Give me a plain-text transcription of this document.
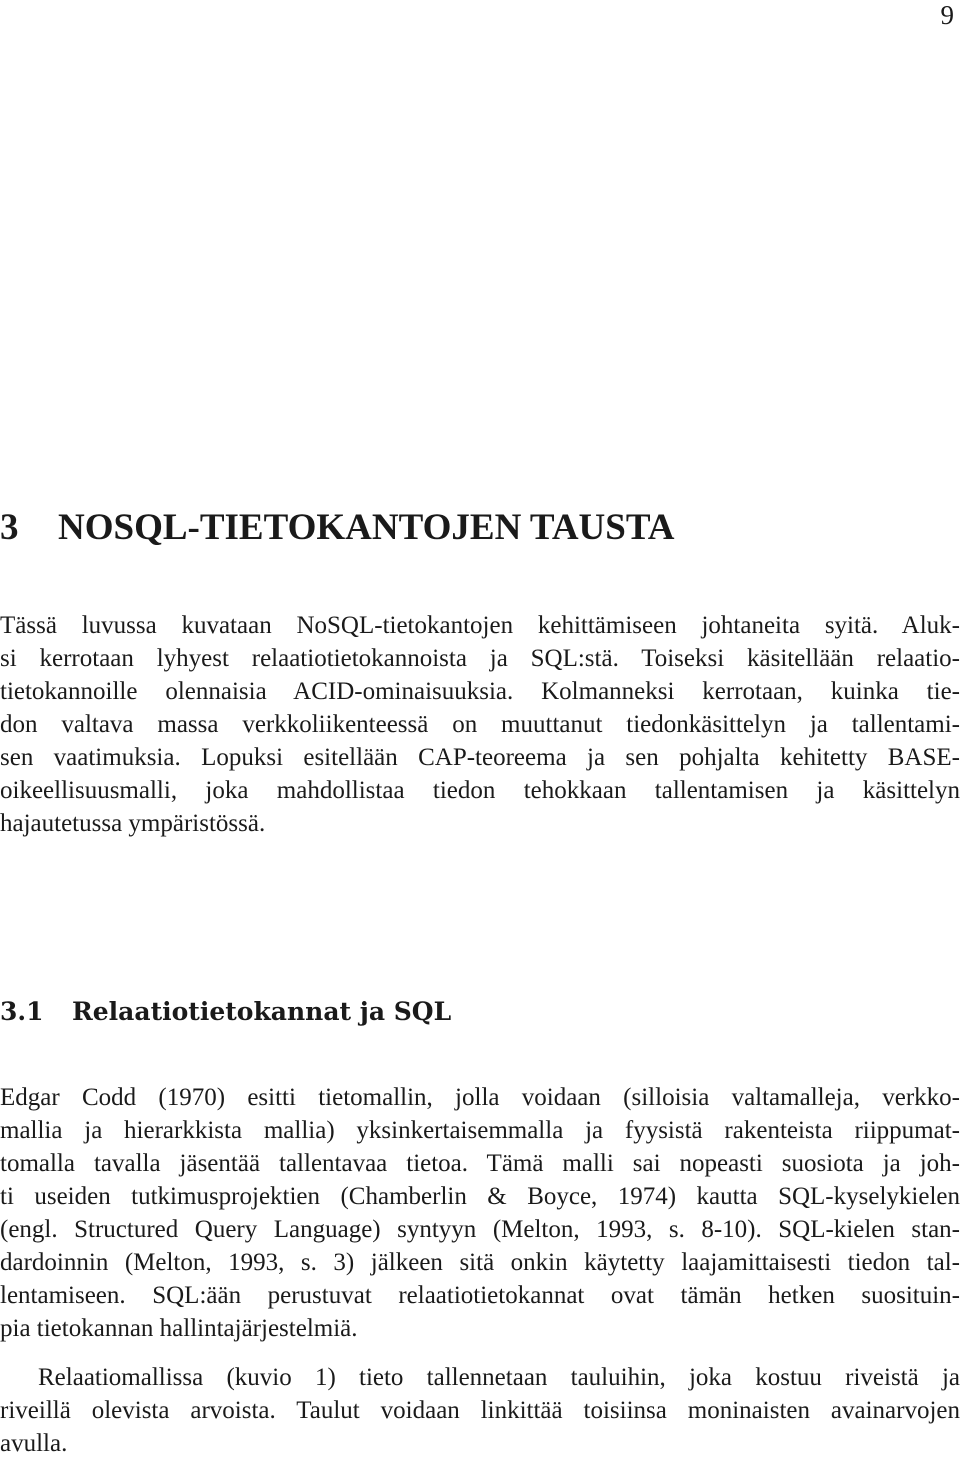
9
3 NOSQL-TIETOKANTOJEN TAUSTA
Tässä luvussa kuvataan NoSQL-tietokantojen kehittämiseen johtaneita syitä. Aluk-
si kerrotaan lyhyest relaatiotietokannoista ja SQL:stä. Toiseksi käsitellään relaatio-
tietokannoille olennaisia ACID-ominaisuuksia. Kolmanneksi kerrotaan, kuinka tie-
don valtava massa verkkoliikenteessä on muuttanut tiedonkäsittelyn ja tallentami-
sen vaatimuksia. Lopuksi esitellään CAP-teoreema ja sen pohjalta kehitetty BASE-
oikeellisuusmalli, joka mahdollistaa tiedon tehokkaan tallentamisen ja käsittelyn
hajautetussa ympäristössä.
3.1 Relaatiotietokannat ja SQL
Edgar Codd (1970) esitti tietomallin, jolla voidaan (silloisia valtamalleja, verkko-
mallia ja hierarkkista mallia) yksinkertaisemmalla ja fyysistä rakenteista riippumat-
tomalla tavalla jäsentää tallentavaa tietoa. Tämä malli sai nopeasti suosiota ja joh-
ti useiden tutkimusprojektien (Chamberlin & Boyce, 1974) kautta SQL-kyselykielen
(engl. Structured Query Language) syntyyn (Melton, 1993, s. 8-10). SQL-kielen stan-
dardoinnin (Melton, 1993, s. 3) jälkeen sitä onkin käytetty laajamittaisesti tiedon tal-
lentamiseen. SQL:ään perustuvat relaatiotietokannat ovat tämän hetken suosituin-
pia tietokannan hallintajärjestelmiä.
Relaatiomallissa (kuvio 1) tieto tallennetaan tauluihin, joka kostuu riveistä ja
riveillä olevista arvoista. Taulut voidaan linkittää toisiinsa moninaisten avainarvojen
avulla.
